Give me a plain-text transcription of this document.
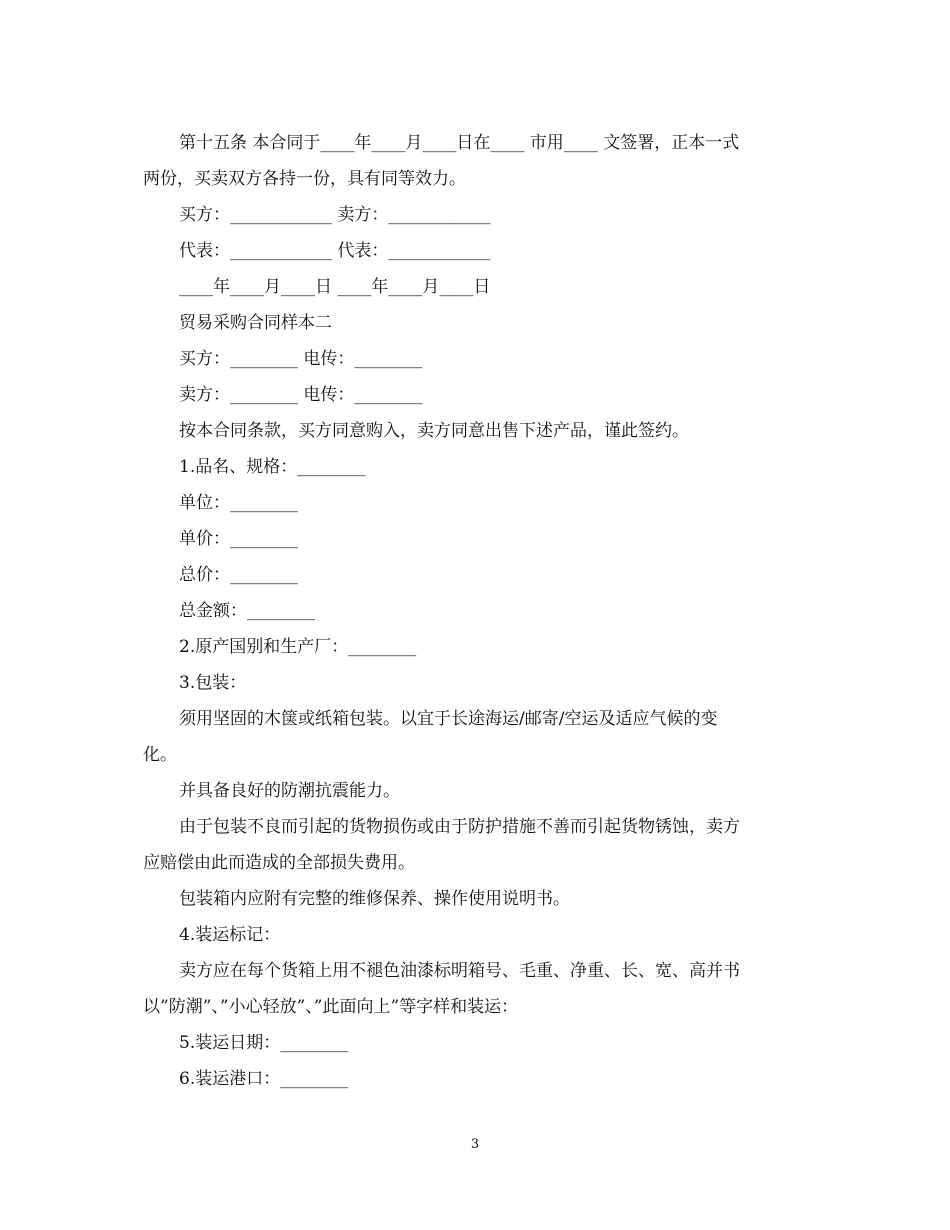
第十五条 本合同于____年____月____日在____ 市用____ 文签署，正本一式
两份，买卖双方各持一份，具有同等效力。
买方：____________ 卖方：____________
代表：____________ 代表：____________
____年____月____日 ____年____月____日
贸易采购合同样本二
买方：________ 电传：________
卖方：________ 电传：________
按本合同条款，买方同意购入，卖方同意出售下述产品，谨此签约。
1.品名、规格：________
单位：________
单价：________
总价：________
总金额：________
2.原产国别和生产厂：________
3.包装：
须用坚固的木箧或纸箱包装。以宜于长途海运/邮寄/空运及适应气候的变
化。
并具备良好的防潮抗震能力。
由于包装不良而引起的货物损伤或由于防护措施不善而引起货物锈蚀，卖方
应赔偿由此而造成的全部损失费用。
包装箱内应附有完整的维修保养、操作使用说明书。
4.装运标记：
卖方应在每个货箱上用不褪色油漆标明箱号、毛重、净重、长、宽、高并书
以”防潮”、”小心轻放”、”此面向上”等字样和装运：
5.装运日期：________
6.装运港口：________
3
